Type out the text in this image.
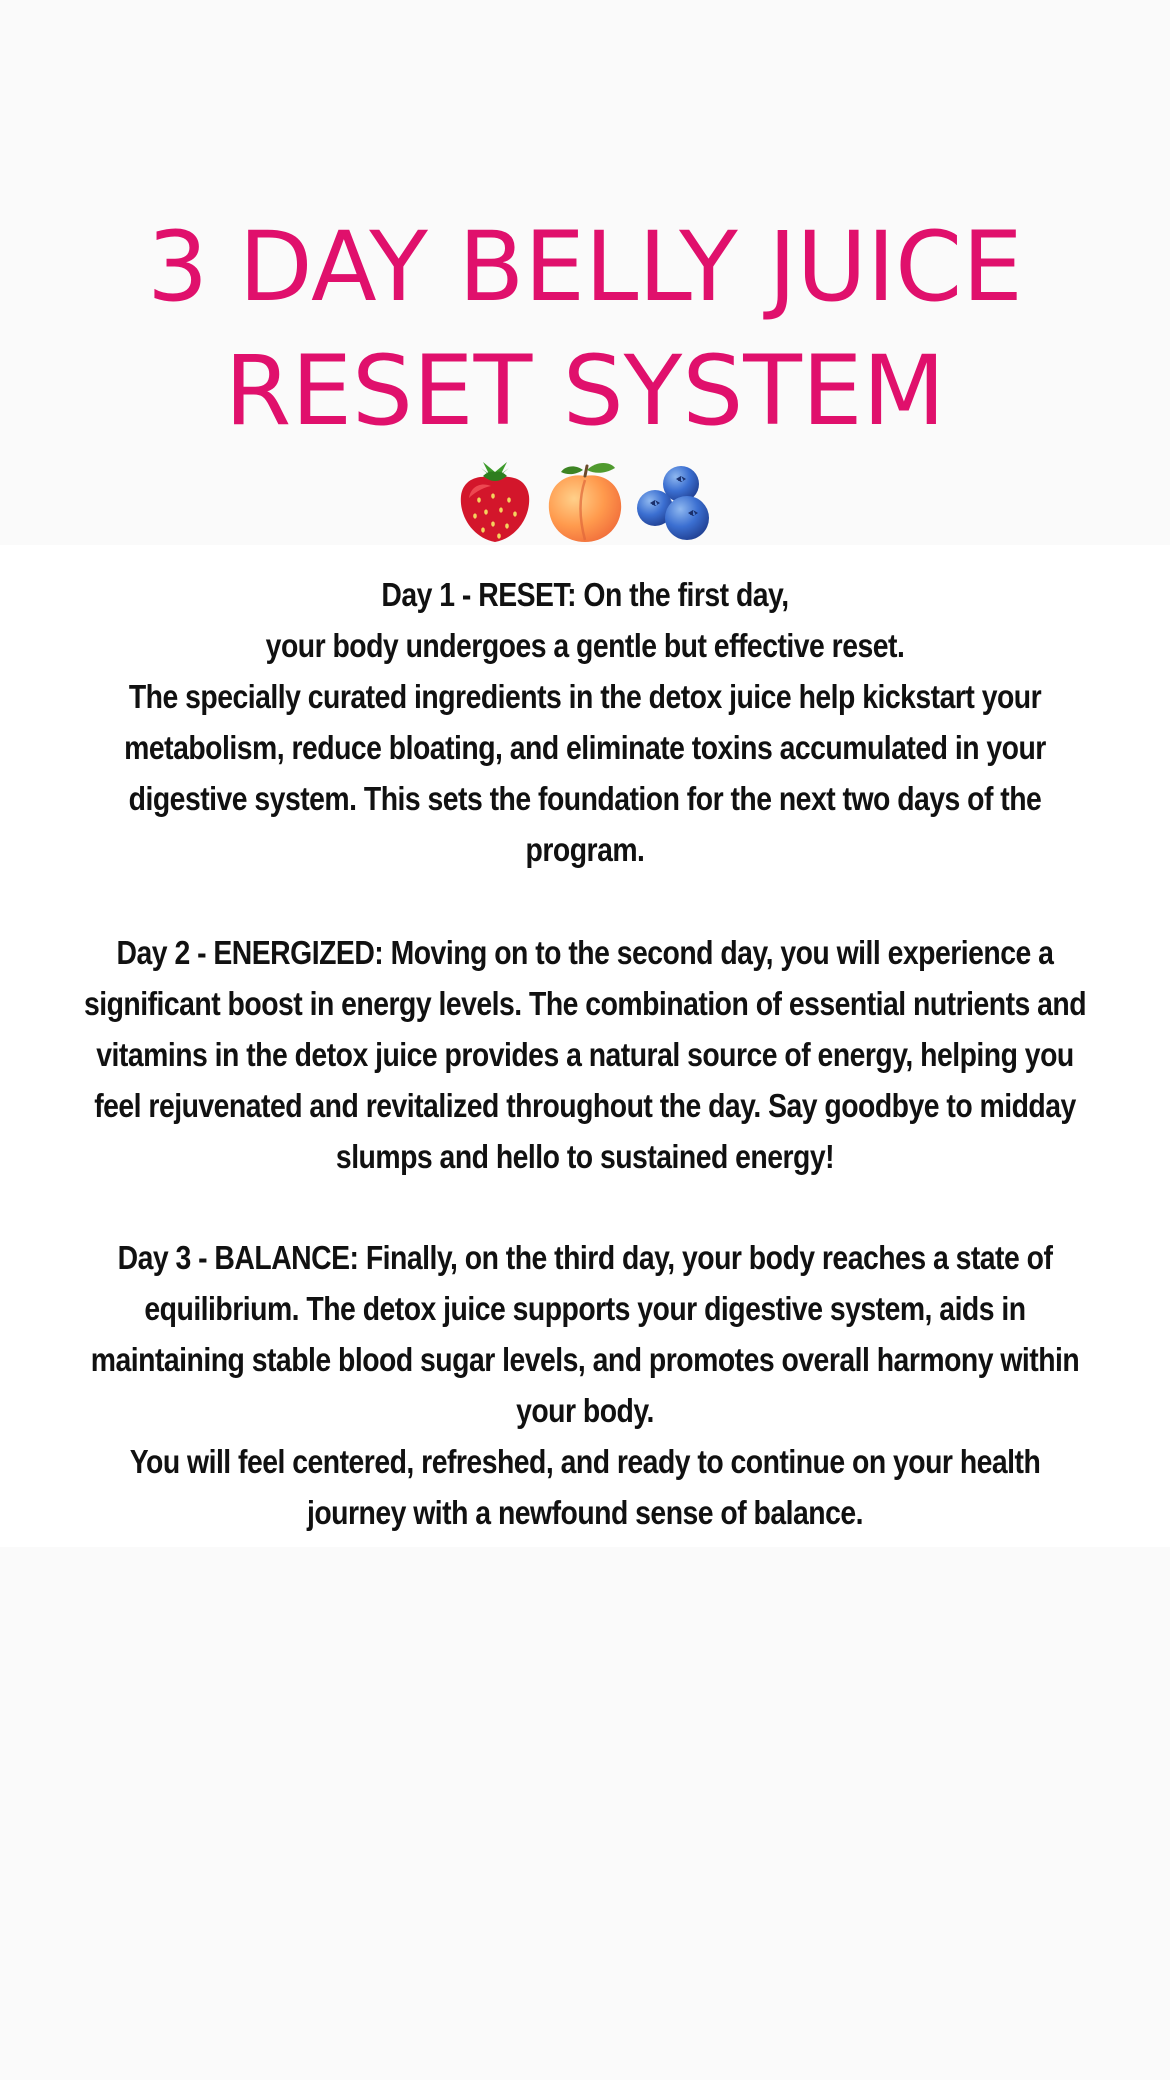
3 DAY BELLY JUICE
RESET SYSTEM
Day 1 - RESET: On the first day,
your body undergoes a gentle but effective reset.
The specially curated ingredients in the detox juice help kickstart your
metabolism, reduce bloating, and eliminate toxins accumulated in your
digestive system. This sets the foundation for the next two days of the
program.
Day 2 - ENERGIZED: Moving on to the second day, you will experience a
significant boost in energy levels. The combination of essential nutrients and
vitamins in the detox juice provides a natural source of energy, helping you
feel rejuvenated and revitalized throughout the day. Say goodbye to midday
slumps and hello to sustained energy!
Day 3 - BALANCE: Finally, on the third day, your body reaches a state of
equilibrium. The detox juice supports your digestive system, aids in
maintaining stable blood sugar levels, and promotes overall harmony within
your body.
You will feel centered, refreshed, and ready to continue on your health
journey with a newfound sense of balance.
